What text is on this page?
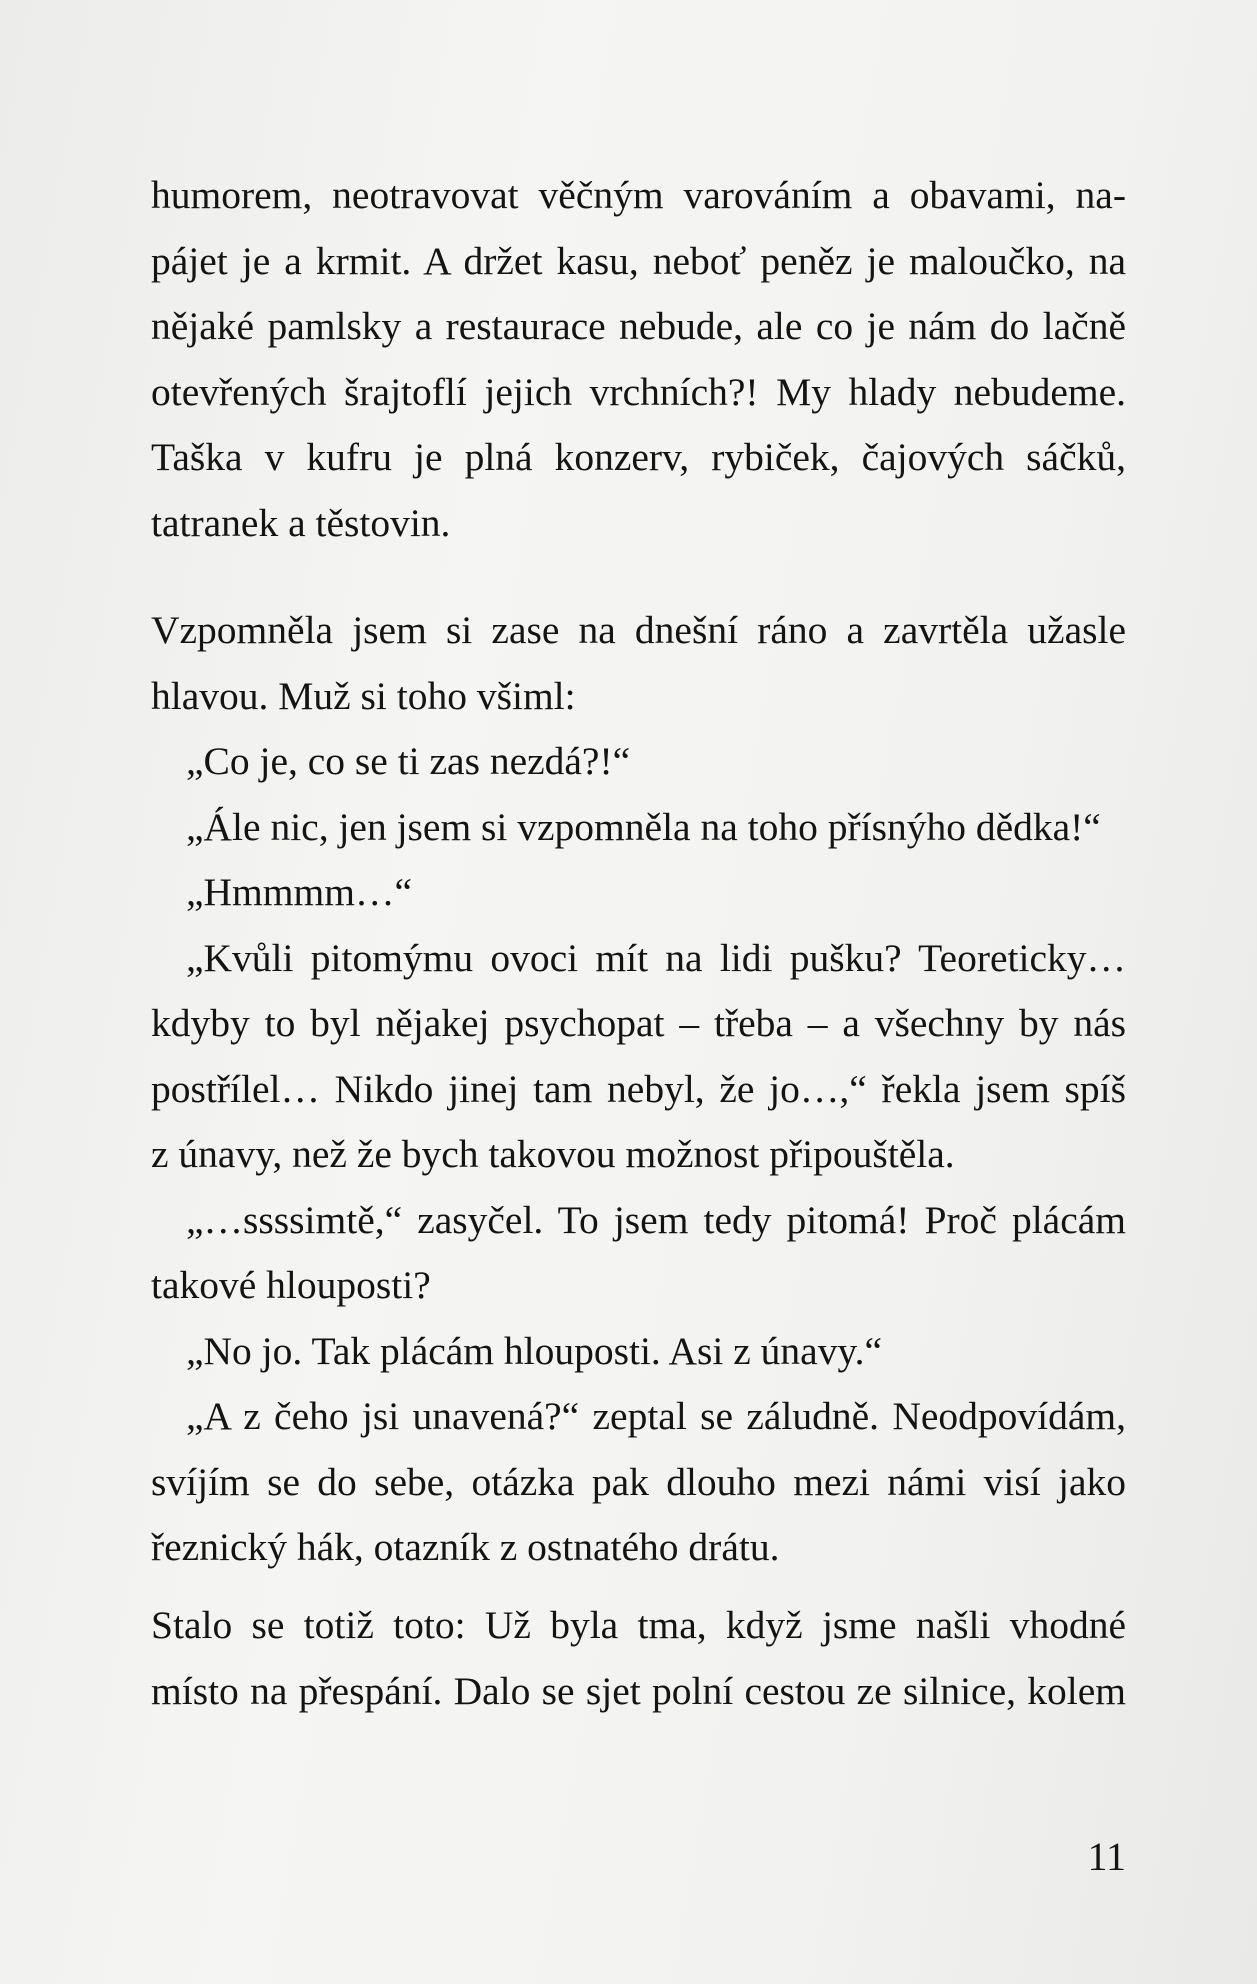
humorem, neotravovat věčným varováním a obavami, na-
pájet je a krmit. A držet kasu, neboť peněz je maloučko, na
nějaké pamlsky a restaurace nebude, ale co je nám do lačně
otevřených šrajtoflí jejich vrchních?! My hlady nebudeme.
Taška v kufru je plná konzerv, rybiček, čajových sáčků,
tatranek a těstovin.
Vzpomněla jsem si zase na dnešní ráno a zavrtěla užasle
hlavou. Muž si toho všiml:
„Co je, co se ti zas nezdá?!“
„Ále nic, jen jsem si vzpomněla na toho přísnýho dědka!“
„Hmmmm…“
„Kvůli pitomýmu ovoci mít na lidi pušku? Teoreticky…
kdyby to byl nějakej psychopat – třeba – a všechny by nás
postřílel… Nikdo jinej tam nebyl, že jo…,“ řekla jsem spíš
z únavy, než že bych takovou možnost připouštěla.
„…ssssimtě,“ zasyčel. To jsem tedy pitomá! Proč plácám
takové hlouposti?
„No jo. Tak plácám hlouposti. Asi z únavy.“
„A z čeho jsi unavená?“ zeptal se záludně. Neodpovídám,
svíjím se do sebe, otázka pak dlouho mezi námi visí jako
řeznický hák, otazník z ostnatého drátu.
Stalo se totiž toto: Už byla tma, když jsme našli vhodné
místo na přespání. Dalo se sjet polní cestou ze silnice, kolem
11
